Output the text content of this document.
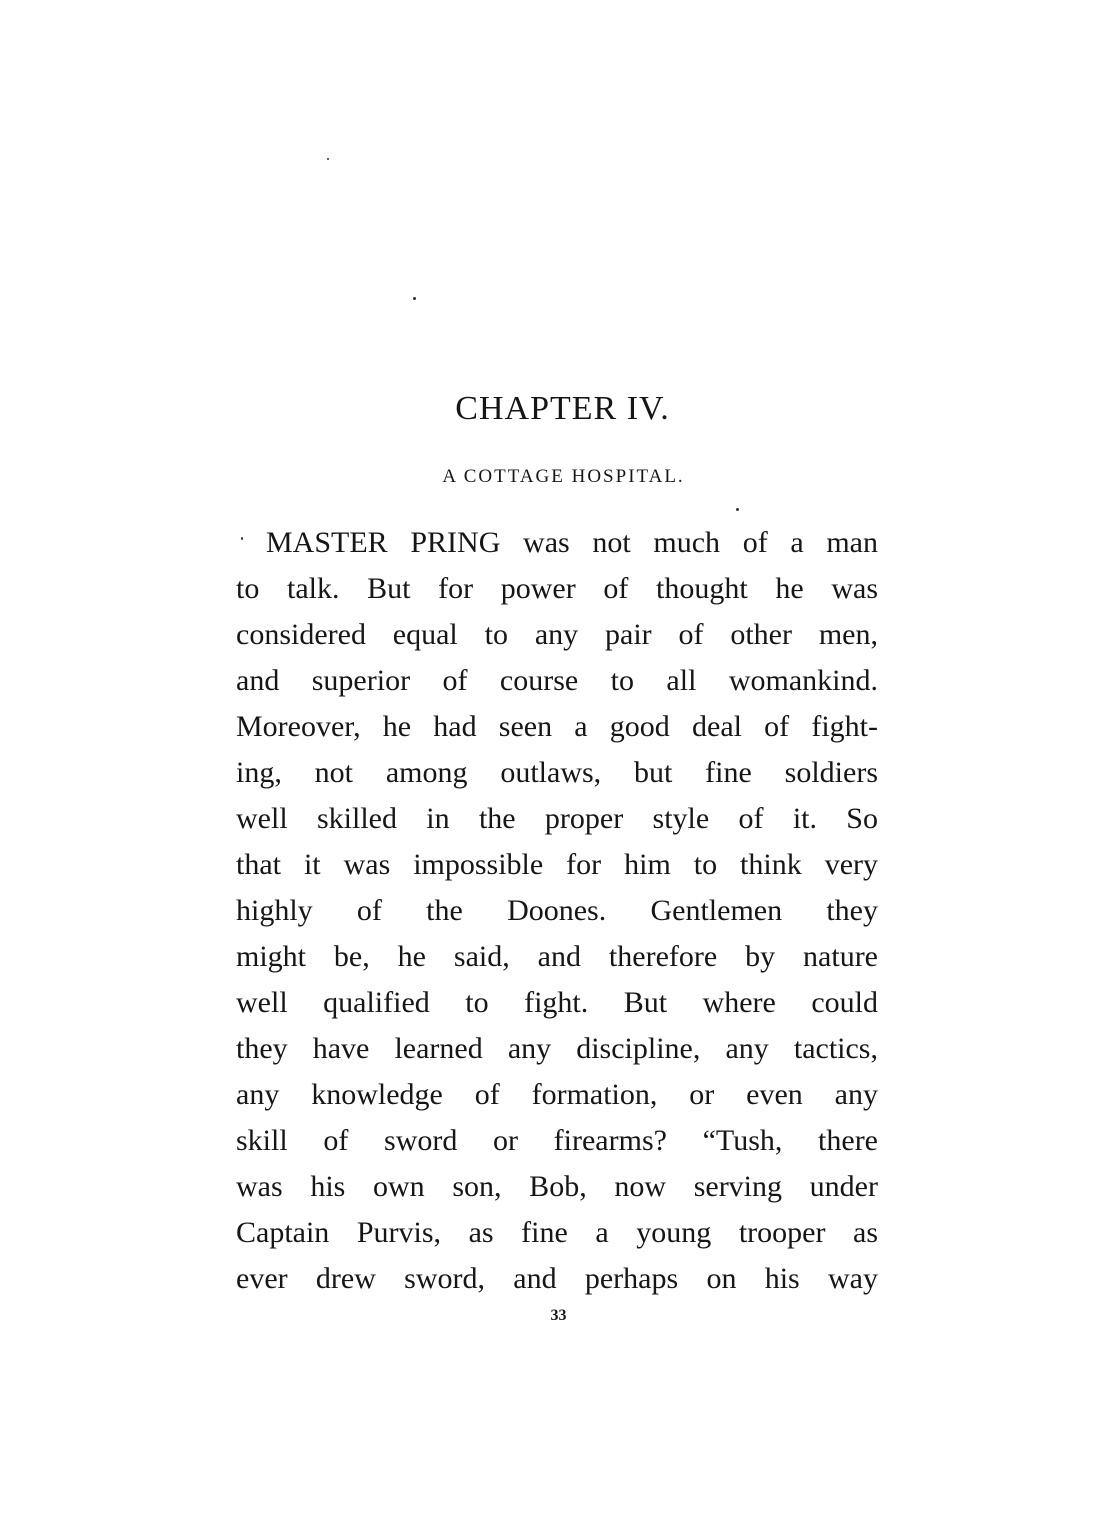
CHAPTER IV.
A COTTAGE HOSPITAL.
MASTER PRING was not much of a man
to talk. But for power of thought he was
considered equal to any pair of other men,
and superior of course to all womankind.
Moreover, he had seen a good deal of fight-
ing, not among outlaws, but fine soldiers
well skilled in the proper style of it. So
that it was impossible for him to think very
highly of the Doones. Gentlemen they
might be, he said, and therefore by nature
well qualified to fight. But where could
they have learned any discipline, any tactics,
any knowledge of formation, or even any
skill of sword or firearms? “Tush, there
was his own son, Bob, now serving under
Captain Purvis, as fine a young trooper as
ever drew sword, and perhaps on his way
33
